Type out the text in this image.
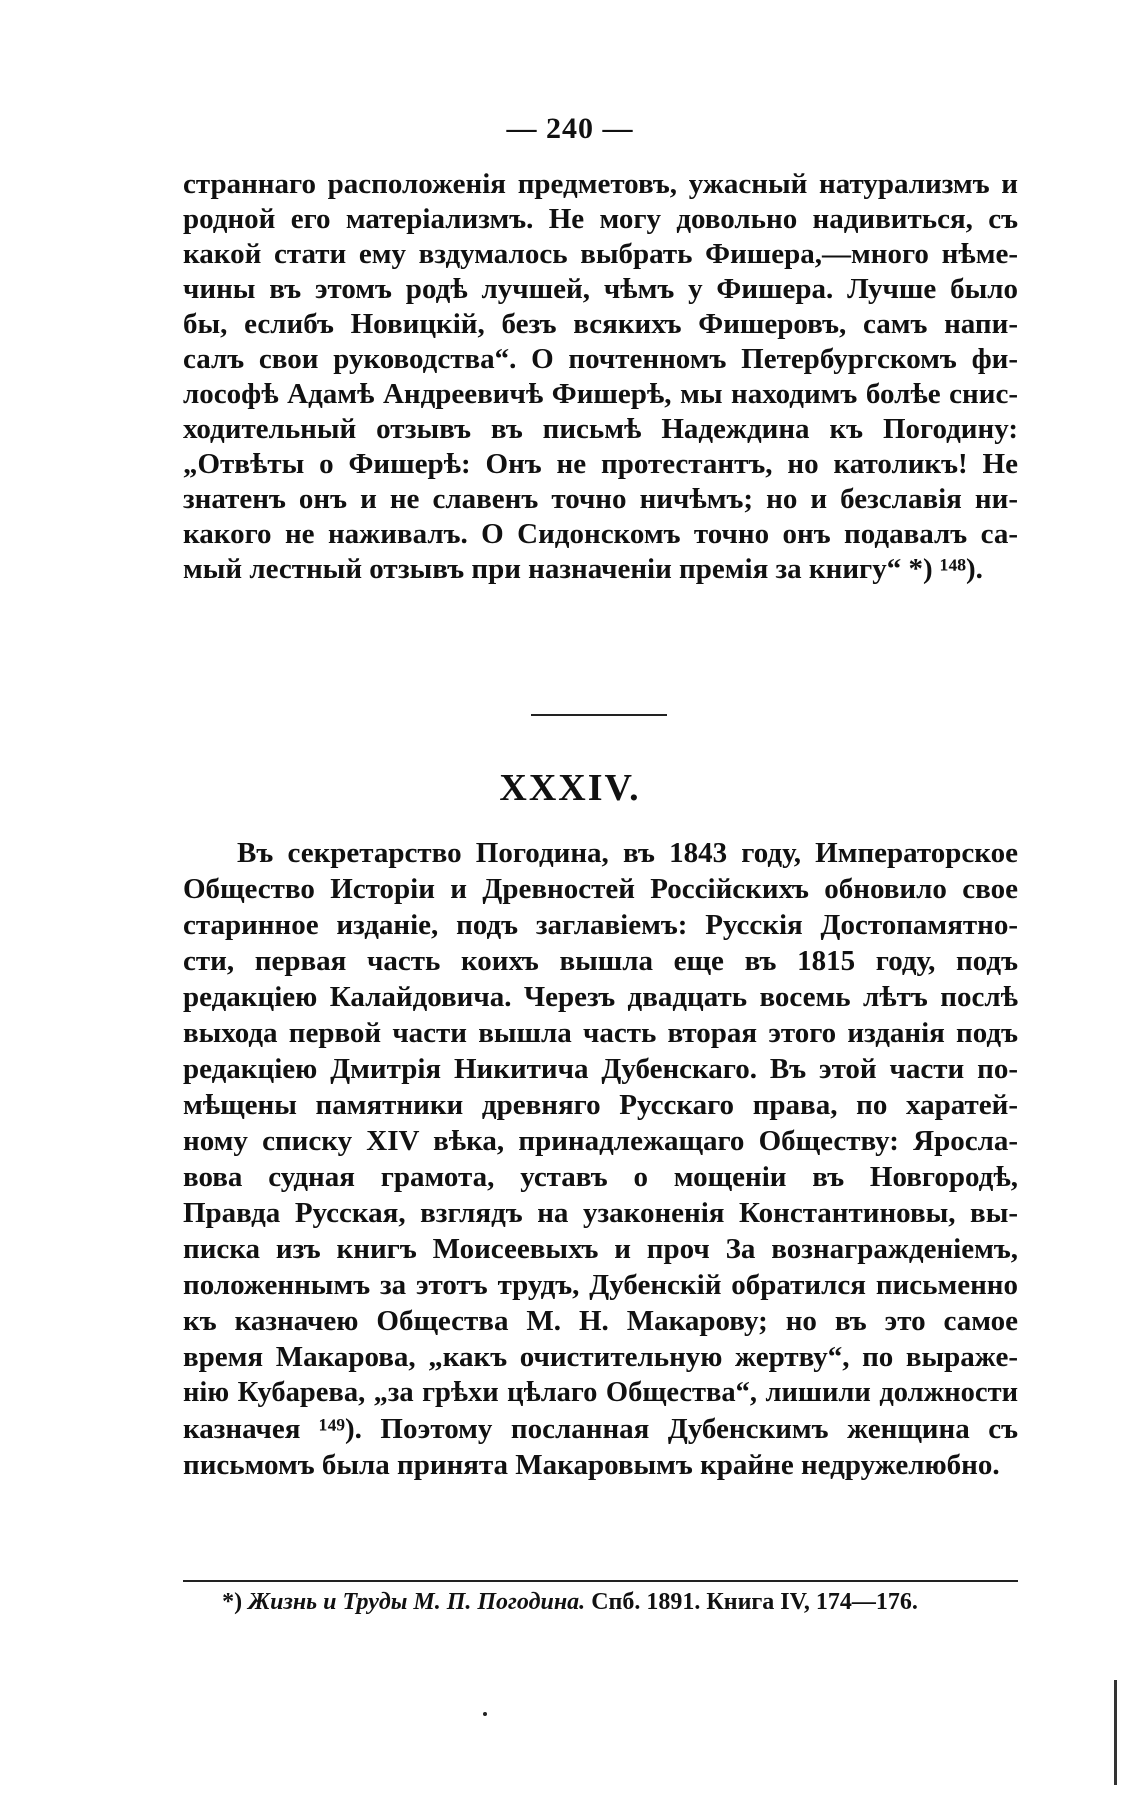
— 240 —
страннаго расположенія предметовъ, ужасный натурализмъ и
родной его матеріализмъ. Не могу довольно надивиться, съ
какой стати ему вздумалось выбрать Фишера,—много нѣме-
чины въ этомъ родѣ лучшей, чѣмъ у Фишера. Лучше было
бы, еслибъ Новицкій, безъ всякихъ Фишеровъ, самъ напи-
салъ свои руководства“. О почтенномъ Петербургскомъ фи-
лософѣ Адамѣ Андреевичѣ Фишерѣ, мы находимъ болѣе снис-
ходительный отзывъ въ письмѣ Надеждина къ Погодину:
„Отвѣты о Фишерѣ: Онъ не протестантъ, но католикъ! Не
знатенъ онъ и не славенъ точно ничѣмъ; но и безславія ни-
какого не наживалъ. О Сидонскомъ точно онъ подавалъ са-
мый лестный отзывъ при назначеніи премія за книгу“ *) ¹⁴⁸).
XXXIV.
Въ секретарство Погодина, въ 1843 году, Императорское
Общество Исторіи и Древностей Россійскихъ обновило свое
старинное изданіе, подъ заглавіемъ: Русскія Достопамятно-
сти, первая часть коихъ вышла еще въ 1815 году, подъ
редакціею Калайдовича. Черезъ двадцать восемь лѣтъ послѣ
выхода первой части вышла часть вторая этого изданія подъ
редакціею Дмитрія Никитича Дубенскаго. Въ этой части по-
мѣщены памятники древняго Русскаго права, по харатей-
ному списку XIV вѣка, принадлежащаго Обществу: Яросла-
вова судная грамота, уставъ о мощеніи въ Новгородѣ,
Правда Русская, взглядъ на узаконенія Константиновы, вы-
писка изъ книгъ Моисеевыхъ и проч За вознагражденіемъ,
положеннымъ за этотъ трудъ, Дубенскій обратился письменно
къ казначею Общества М. Н. Макарову; но въ это самое
время Макарова, „какъ очистительную жертву“, по выраже-
нію Кубарева, „за грѣхи цѣлаго Общества“, лишили должности
казначея ¹⁴⁹). Поэтому посланная Дубенскимъ женщина съ
письмомъ была принята Макаровымъ крайне недружелюбно.
*) Жизнь и Труды М. П. Погодина. Спб. 1891. Книга IV, 174—176.
